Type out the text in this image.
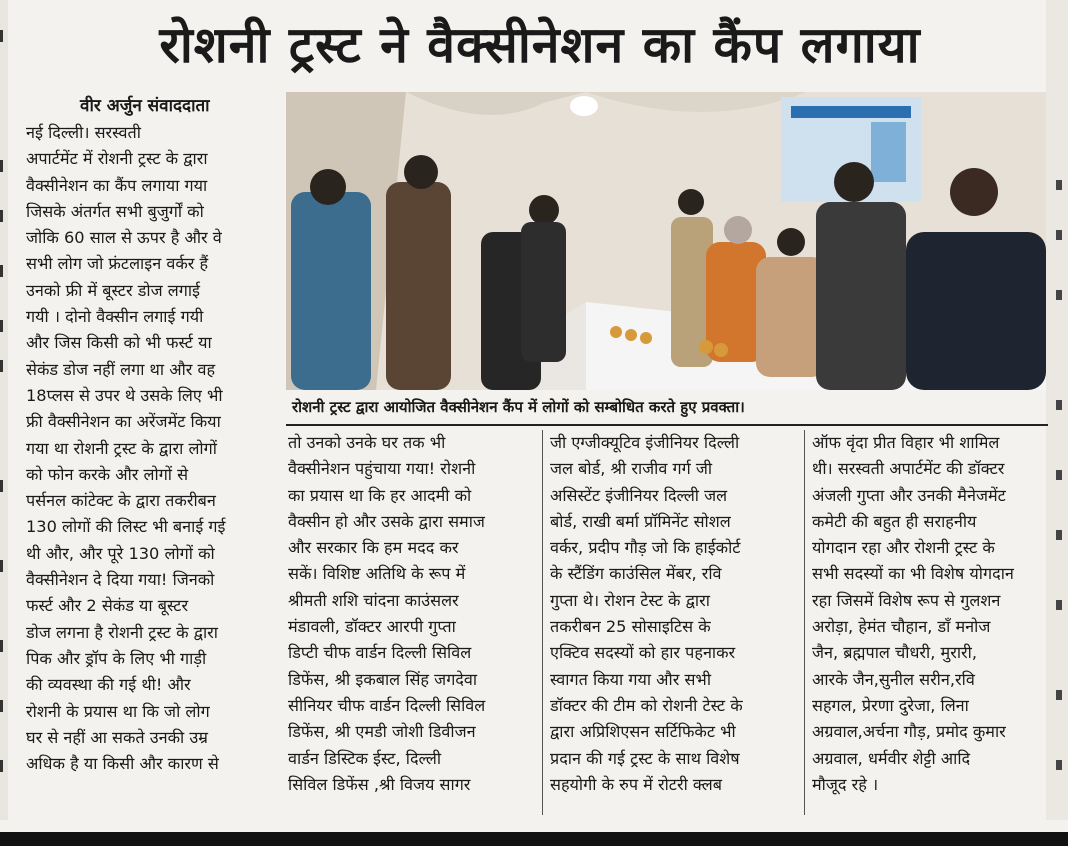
रोशनी ट्रस्ट ने वैक्सीनेशन का कैंप लगाया
वीर अर्जुन संवाददाता
नई दिल्ली। सरस्वती
अपार्टमेंट में रोशनी ट्रस्ट के द्वारा
वैक्सीनेशन का कैंप लगाया गया
जिसके अंतर्गत सभी बुजुर्गों को
जोकि 60 साल से ऊपर है और वे
सभी लोग जो फ्रंटलाइन वर्कर हैं
उनको फ्री में बूस्टर डोज लगाई
गयी । दोनो वैक्सीन लगाई गयी
और जिस किसी को भी फर्स्ट या
सेकंड डोज नहीं लगा था और वह
18प्लस से उपर थे उसके लिए भी
फ्री वैक्सीनेशन का अरेंजमेंट किया
गया था रोशनी ट्रस्ट के द्वारा लोगों
को फोन करके और लोगों से
पर्सनल कांटेक्ट के द्वारा तकरीबन
130 लोगों की लिस्ट भी बनाई गई
थी और, और पूरे 130 लोगों को
वैक्सीनेशन दे दिया गया! जिनको
फर्स्ट और 2 सेकंड या बूस्टर
डोज लगना है रोशनी ट्रस्ट के द्वारा
पिक और ड्रॉप के लिए भी गाड़ी
की व्यवस्था की गई थी! और
रोशनी के प्रयास था कि जो लोग
घर से नहीं आ सकते उनकी उम्र
अधिक है या किसी और कारण से
रोशनी ट्रस्ट द्वारा आयोजित वैक्सीनेशन कैंप में लोगों को सम्बोधित करते हुए प्रवक्ता।
तो उनको उनके घर तक भी
वैक्सीनेशन पहुंचाया गया! रोशनी
का प्रयास था कि हर आदमी को
वैक्सीन हो और उसके द्वारा समाज
और सरकार कि हम मदद कर
सकें। विशिष्ट अतिथि के रूप में
श्रीमती शशि चांदना काउंसलर
मंडावली, डॉक्टर आरपी गुप्ता
डिप्टी चीफ वार्डन दिल्ली सिविल
डिफेंस, श्री इकबाल सिंह जगदेवा
सीनियर चीफ वार्डन दिल्ली सिविल
डिफेंस, श्री एमडी जोशी डिवीजन
वार्डन डिस्टिक ईस्ट, दिल्ली
सिविल डिफेंस ,श्री विजय सागर
जी एग्जीक्यूटिव इंजीनियर दिल्ली
जल बोर्ड, श्री राजीव गर्ग जी
असिस्टेंट इंजीनियर दिल्ली जल
बोर्ड, राखी बर्मा प्रॉमिनेंट सोशल
वर्कर, प्रदीप गौड़ जो कि हाईकोर्ट
के स्टैंडिंग काउंसिल मेंबर, रवि
गुप्ता थे। रोशन टेस्ट के द्वारा
तकरीबन 25 सोसाइटिस के
एक्टिव सदस्यों को हार पहनाकर
स्वागत किया गया और सभी
डॉक्टर की टीम को रोशनी टेस्ट के
द्वारा अप्रिशिएसन सर्टिफिकेट भी
प्रदान की गई ट्रस्ट के साथ विशेष
सहयोगी के रुप में रोटरी क्लब
ऑफ वृंदा प्रीत विहार भी शामिल
थी। सरस्वती अपार्टमेंट की डॉक्टर
अंजली गुप्ता और उनकी मैनेजमेंट
कमेटी की बहुत ही सराहनीय
योगदान रहा और रोशनी ट्रस्ट के
सभी सदस्यों का भी विशेष योगदान
रहा जिसमें विशेष रूप से गुलशन
अरोड़ा, हेमंत चौहान, डॉं मनोज
जैन, ब्रह्मपाल चौधरी, मुरारी,
आरके जैन,सुनील सरीन,रवि
सहगल, प्रेरणा दुरेजा, लिना
अग्रवाल,अर्चना गौड़, प्रमोद कुमार
अग्रवाल, धर्मवीर शेट्टी आदि
मौजूद रहे ।
